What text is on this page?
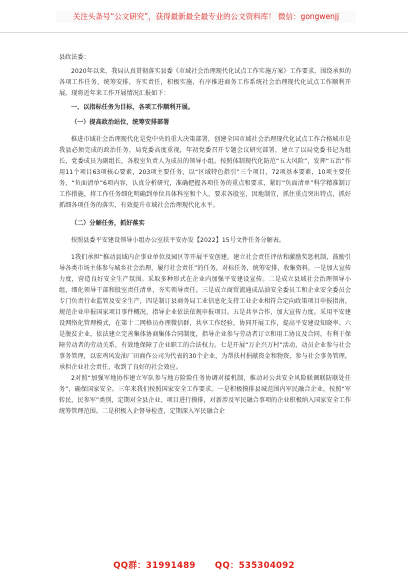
关注头条号“公文研究”，获得最新最全最专业的公文资料库！ 微信：gongwenjj

县政法委：

2020年以来，我局认真贯彻落实县委《市域社会治理现代化试点工作实施方案》工作要求，围绕承担的各项工作任务，统筹安排，夯实责任，积极实施，有序推进商务工作系统社会治理现代化试点工作顺利开展。现将近年来工作开展情况汇报如下：

一、以指标任务为目标，各项工作顺利开展。

（一）提高政治站位，统筹安排部署

推进市域社会治理现代化是党中央的重大决策部署，创建全国市域社会治理现代化试点工作合格城市是我县必须完成的政治任务，局党委高度重视，年初党委召开专题会议研究部署，建立了以局党委书记为组长，党委成员为副组长，各股室负责人为成员的领导小组。按照体制现代化防范“五大风险”，发挥“五治”作用11个项目63项核心要素，203项主要任务，以“区域特色指引”三个项目，72项基本要素，10项主要任务，“负面清单”6项内容，认真分析研究，准确把握各项任务的重点和要求，紧盯“负面清单”科学精准制订工作措施，将工作任务细化明确到单位具体科室和个人，要求各股室，因地制宜，抓住重点突出特点，抓好抓细各项任务的落实，有效提升市域社会治理现代化水平。

（二）分解任务，抓好落实

按照县委平安建设领导小组办公室扶平安办发【2022】15号文件任务分解表。

1我们承担“推动县域内企事业单位及园区等开展平安创建，建立社会责任评估和激励奖惩机制，鼓励引导各类市场主体参与城乡社会治理，履行社会责任”的任务，对标任务，统筹安排，收集资料，一是加大宣传力度，营造良好安全生产氛围。采取多种形式在企业内加强平安建设宣传。二是成立县域社会治理领导小组，细化领导干部和股室责任清单，夯实领导责任。三是成立商贸流通成品油安全委员工和企业安全委员会专门负责行业监管及安全生产，四是制订县商务局工业信息化支持工业企业相符合定向政策项目申报指南，规范企业申报国家项目事件概况，指导企业依法依规申报项目。五是共享合作，加大宣传力度。采用平安建设网络化管理模式，在第十二网格员办理微信群，共享工作经验，协同开展工作，提高平安建设知晓率。六是脱贫企业，依法建立完善集体协商集体合同制度，指导企业参与劳动者订立和用工协议及合同，有利于保障劳动者的劳动关系，有效地保障了企业职工的合法权力。七是开展“万企兴万村”活动，动员企业参与社会事务管理，以宏鸡风发油厂田商作公司为代表的30个企业，为帮扶村捐献资金和物资，参与社会事务管理，承担企业社会责任，收到了良好的社会效应。

2对照“加强军地协作建立军队参与地方险险任务协调对接机制，推动对公共安全风险联调联防联处任务”，确保国家安全。三年来我们按照国家安全工作要求。一是积极摸排县城范围内军民融合企业，按照“军转民、民参军”类别，定期对全县企业、项目进行摸排，对新涉及军民融合事项的企业积极纳入国家安全工作统筹管理范围。二是积极入企督导检查，定期深入军民融合企

QQ群：31991489 QQ：535304092
